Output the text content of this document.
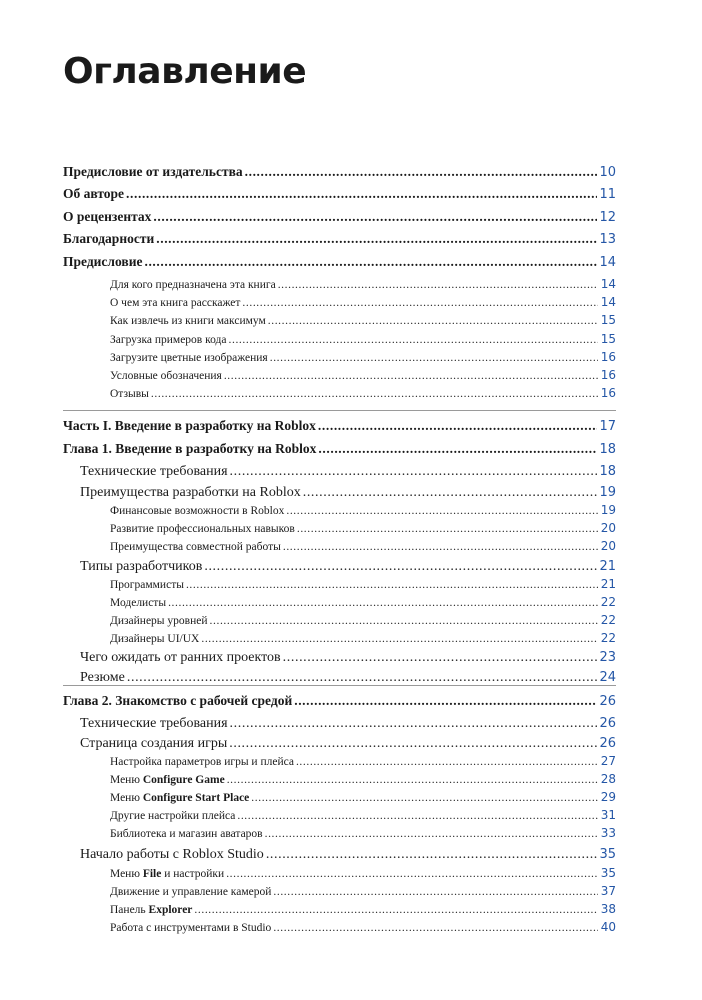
Оглавление
Предисловие от издательства .....	10
Об авторе .....	11
О рецензентах .....	12
Благодарности .....	13
Предисловие .....	14
Для кого предназначена эта книга .....	14
О чем эта книга расскажет .....	14
Как извлечь из книги максимум .....	15
Загрузка примеров кода .....	15
Загрузите цветные изображения .....	16
Условные обозначения .....	16
Отзывы .....	16
Часть I. Введение в разработку на Roblox .....	17
Глава 1. Введение в разработку на Roblox .....	18
Технические требования .....	18
Преимущества разработки на Roblox .....	19
Финансовые возможности в Roblox .....	19
Развитие профессиональных навыков .....	20
Преимущества совместной работы .....	20
Типы разработчиков .....	21
Программисты .....	21
Моделисты .....	22
Дизайнеры уровней .....	22
Дизайнеры UI/UX .....	22
Чего ожидать от ранних проектов .....	23
Резюме .....	24
Глава 2. Знакомство с рабочей средой .....	26
Технические требования .....	26
Страница создания игры .....	26
Настройка параметров игры и плейса .....	27
Меню Configure Game .....	28
Меню Configure Start Place .....	29
Другие настройки плейса .....	31
Библиотека и магазин аватаров .....	33
Начало работы с Roblox Studio .....	35
Меню File и настройки .....	35
Движение и управление камерой .....	37
Панель Explorer .....	38
Работа с инструментами в Studio .....	40
